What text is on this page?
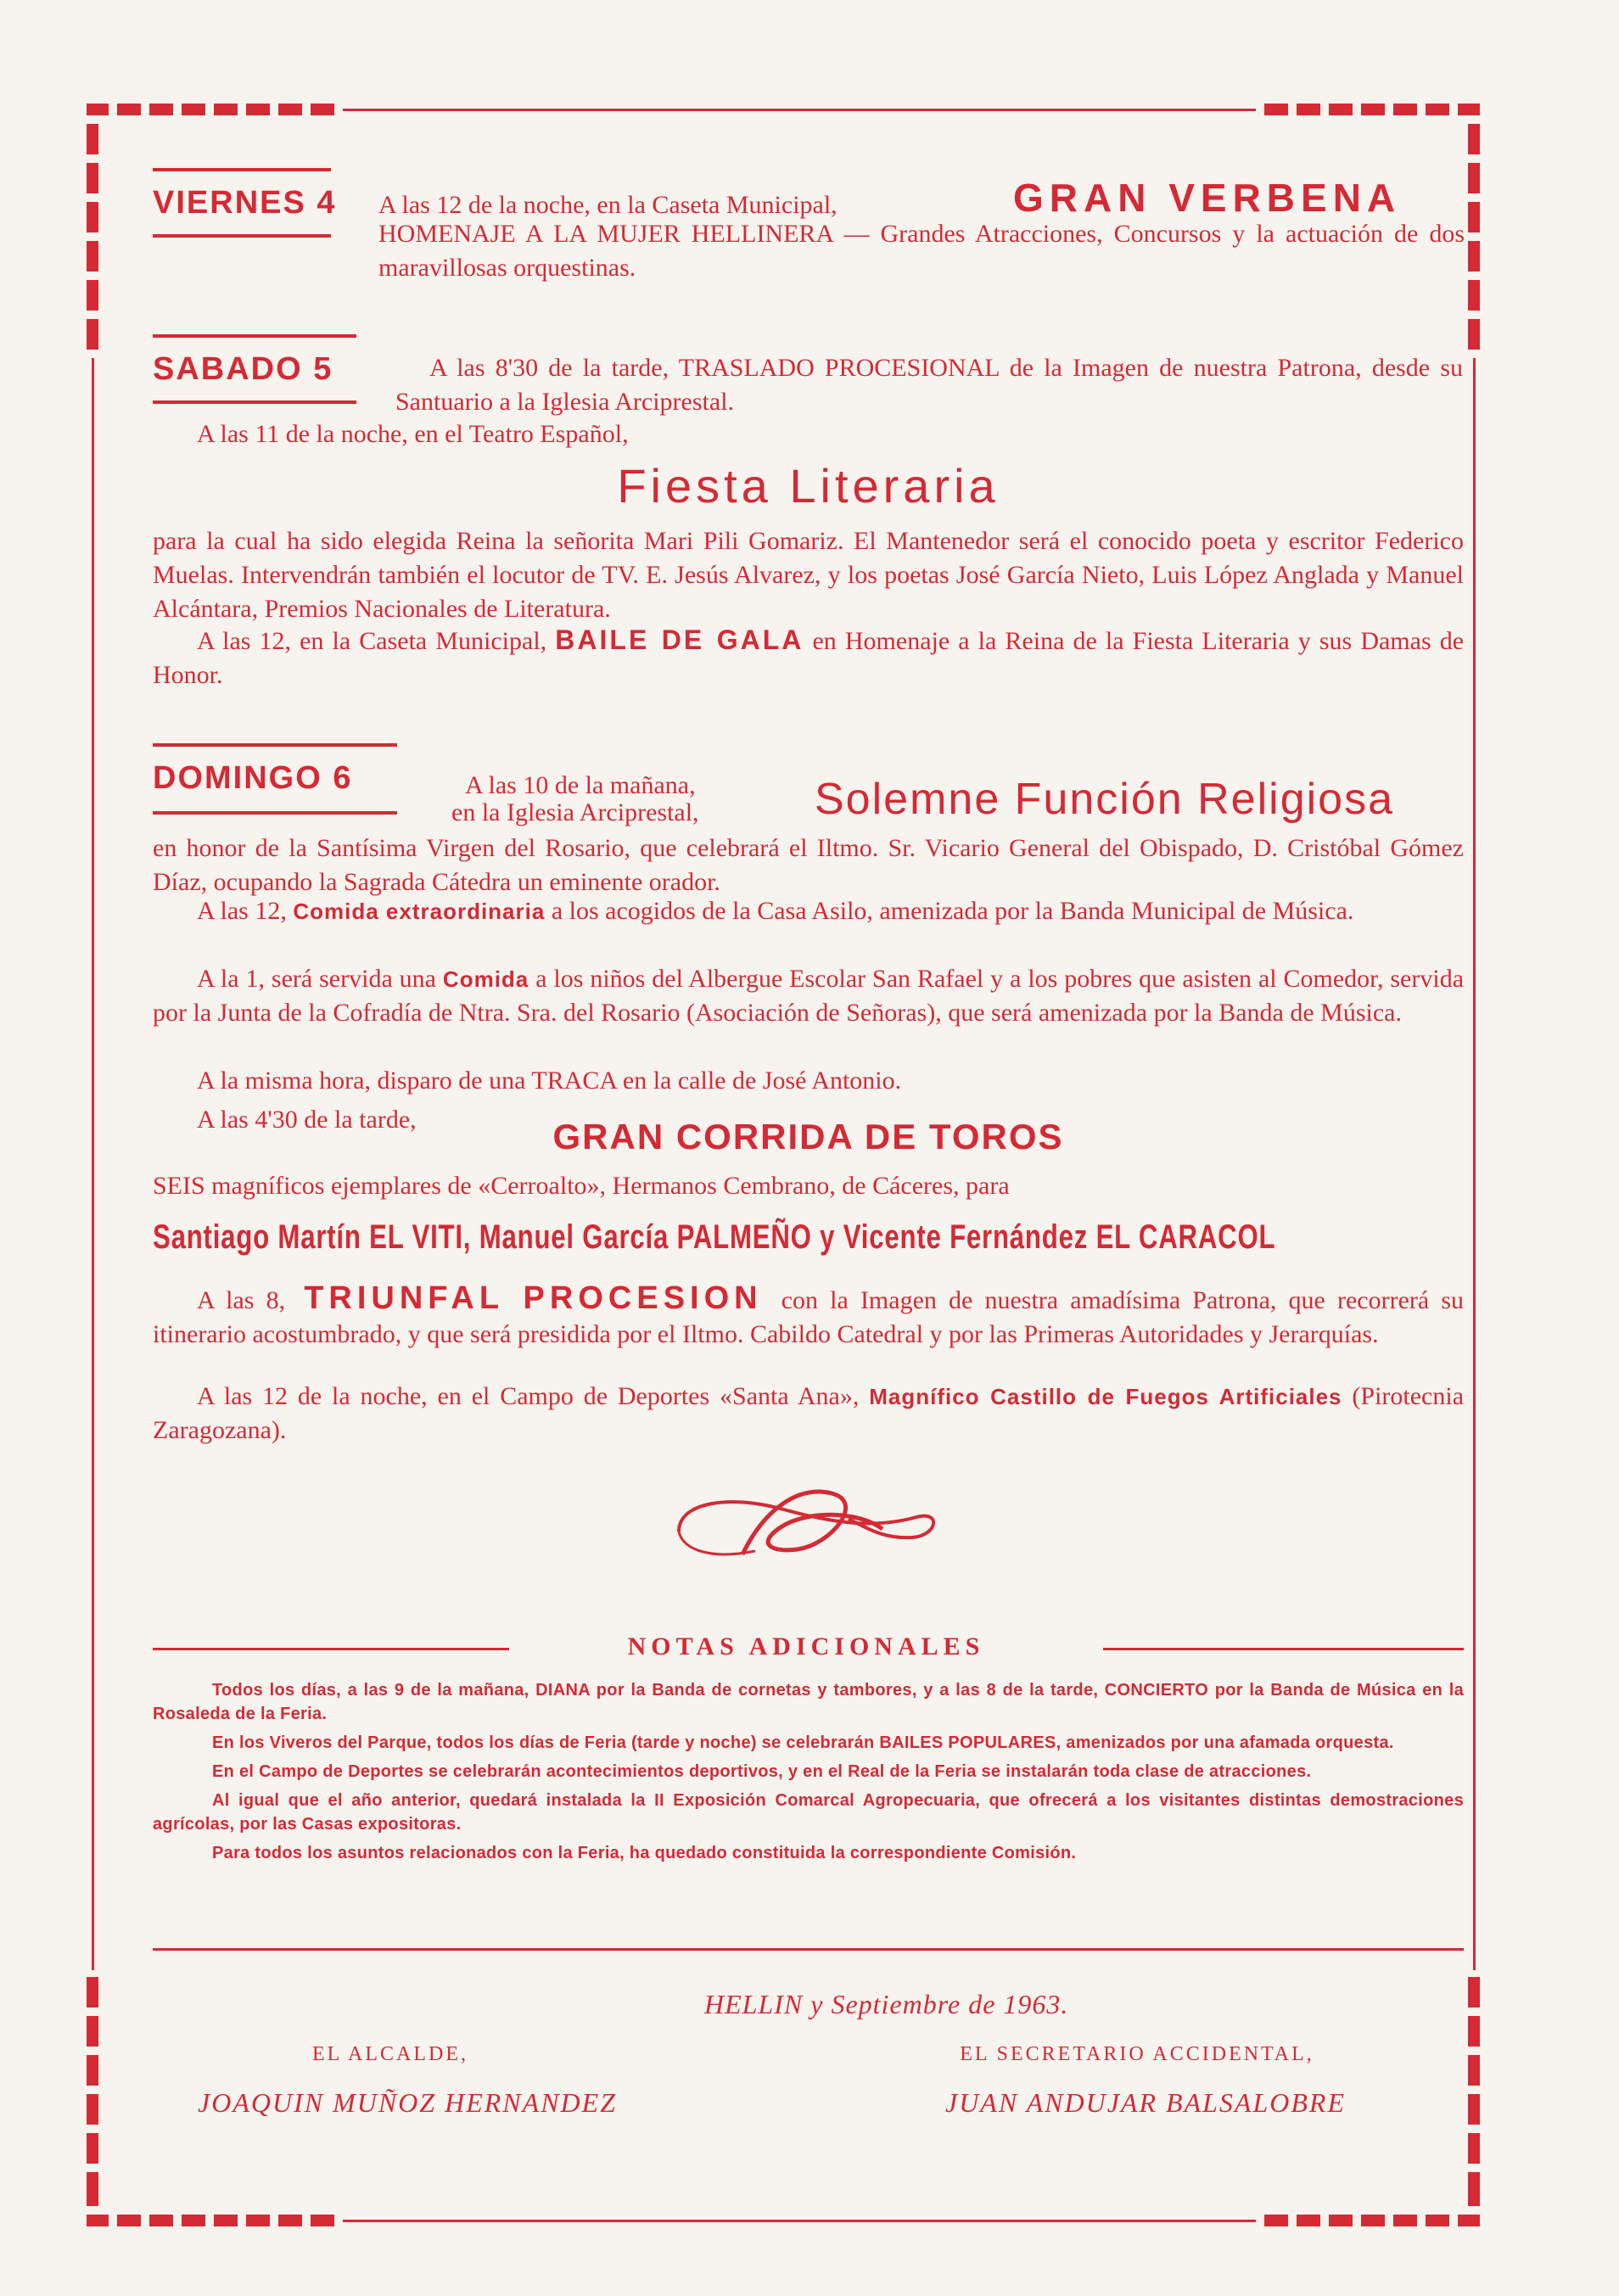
VIERNES 4 A las 12 de la noche, en la Caseta Municipal,	GRAN VERBENA
HOMENAJE A LA MUJER HELLINERA — Grandes Atracciones, Concursos y la actuación de dos maravillosas orquestinas.
SABADO 5	A las 8'30 de la tarde, TRASLADO PROCESIONAL de la Imagen de nuestra Patrona, desde su Santuario a la Iglesia Arciprestal.
A las 11 de la noche, en el Teatro Español,
Fiesta Literaria
para la cual ha sido elegida Reina la señorita Mari Pili Gomariz. El Mantenedor será el conocido poeta y escritor Federico Muelas. Intervendrán también el locutor de TV. E. Jesús Alvarez, y los poetas José García Nieto, Luis López Anglada y Manuel Alcántara, Premios Nacionales de Literatura.
A las 12, en la Caseta Municipal, BAILE DE GALA en Homenaje a la Reina de la Fiesta Literaria y sus Damas de Honor.
DOMINGO 6	A las 10 de la mañana,
en la Iglesia Arciprestal,	Solemne Función Religiosa
en honor de la Santísima Virgen del Rosario, que celebrará el Iltmo. Sr. Vicario General del Obispado, D. Cristóbal Gómez Díaz, ocupando la Sagrada Cátedra un eminente orador.
A las 12, Comida extraordinaria a los acogidos de la Casa Asilo, amenizada por la Banda Municipal de Música.
A la 1, será servida una Comida a los niños del Albergue Escolar San Rafael y a los pobres que asisten al Comedor, servida por la Junta de la Cofradía de Ntra. Sra. del Rosario (Asociación de Señoras), que será amenizada por la Banda de Música.
A la misma hora, disparo de una TRACA en la calle de José Antonio.
A las 4'30 de la tarde,	GRAN CORRIDA DE TOROS
SEIS magníficos ejemplares de «Cerroalto», Hermanos Cembrano, de Cáceres, para
Santiago Martín EL VITI, Manuel García PALMEÑO y Vicente Fernández EL CARACOL
A las 8, TRIUNFAL PROCESION con la Imagen de nuestra amadísima Patrona, que recorrerá su itinerario acostumbrado, y que será presidida por el Iltmo. Cabildo Catedral y por las Primeras Autoridades y Jerarquías.
A las 12 de la noche, en el Campo de Deportes «Santa Ana», Magnífico Castillo de Fuegos Artificiales (Pirotecnia Zaragozana).
NOTAS ADICIONALES

Todos los días, a las 9 de la mañana, DIANA por la Banda de cornetas y tambores, y a las 8 de la tarde, CONCIERTO por la Banda de Música en la Rosaleda de la Feria.

En los Viveros del Parque, todos los días de Feria (tarde y noche) se celebrarán BAILES POPULARES, amenizados por una afamada orquesta.

En el Campo de Deportes se celebrarán acontecimientos deportivos, y en el Real de la Feria se instalarán toda clase de atracciones.

Al igual que el año anterior, quedará instalada la II Exposición Comarcal Agropecuaria, que ofrecerá a los visitantes distintas demostraciones agrícolas, por las Casas expositoras.

Para todos los asuntos relacionados con la Feria, ha quedado constituida la correspondiente Comisión.

HELLIN y Septiembre de 1963.
EL ALCALDE,	EL SECRETARIO ACCIDENTAL,
JOAQUIN MUÑOZ HERNANDEZ	JUAN ANDUJAR BALSALOBRE
